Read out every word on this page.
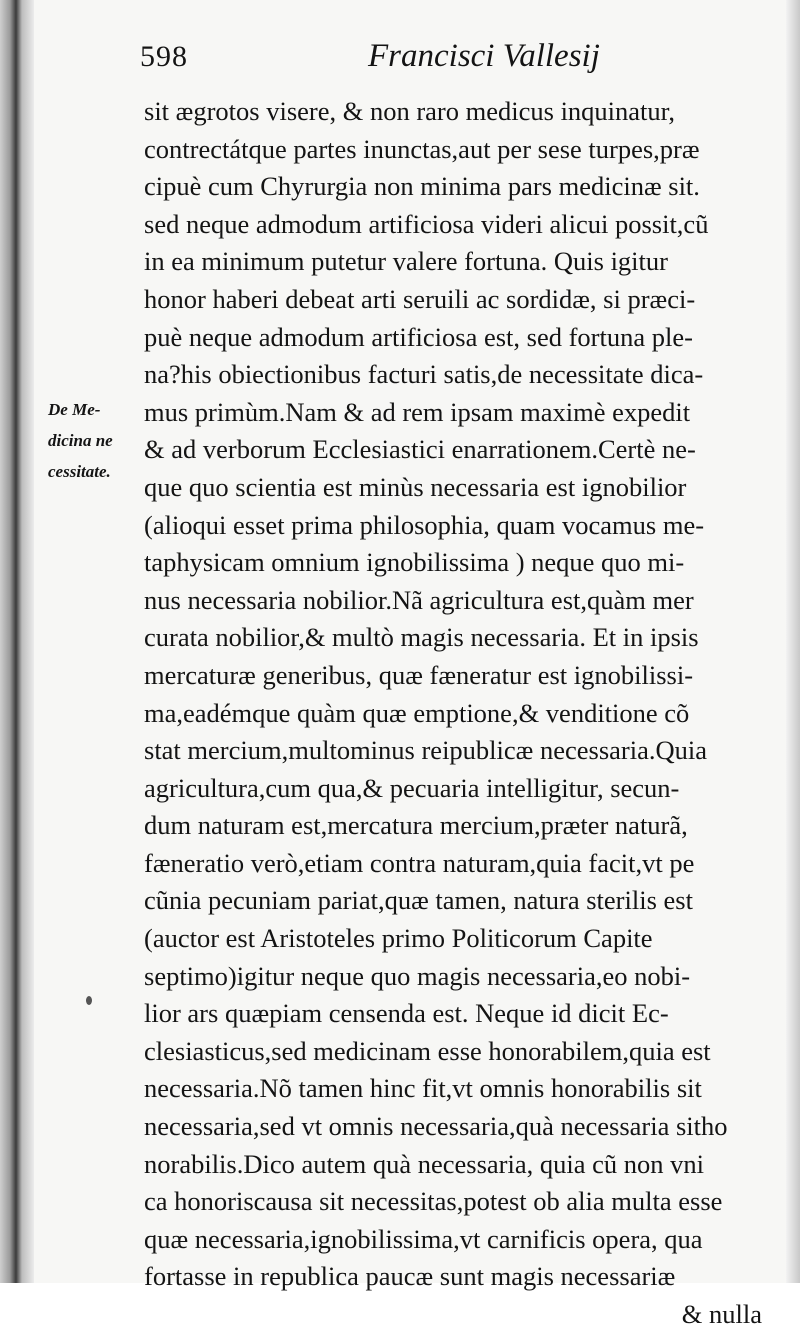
598	Francisci Vallesij
De Me-
dicina ne
cessitate.
sit ægrotos visere, & non raro medicus inquinatur,
contrectátque partes inunctas,aut per sese turpes,præ
cipuè cum Chyrurgia non minima pars medicinæ sit.
sed neque admodum artificiosa videri alicui possit,cũ
in ea minimum putetur valere fortuna. Quis igitur
honor haberi debeat arti seruili ac sordidæ, si præci-
puè neque admodum artificiosa est, sed fortuna ple-
na?his obiectionibus facturi satis,de necessitate dica-
mus primùm.Nam & ad rem ipsam maximè expedit
& ad verborum Ecclesiastici enarrationem.Certè ne-
que quo scientia est minùs necessaria est ignobilior
(alioqui esset prima philosophia, quam vocamus me-
taphysicam omnium ignobilissima ) neque quo mi-
nus necessaria nobilior.Nã agricultura est,quàm mer
curata nobilior,& multò magis necessaria. Et in ipsis
mercaturæ generibus, quæ fæneratur est ignobilissi-
ma,eadémque quàm quæ emptione,& venditione cõ
stat mercium,multominus reipublicæ necessaria.Quia
agricultura,cum qua,& pecuaria intelligitur, secun-
dum naturam est,mercatura mercium,præter naturã,
fæneratio verò,etiam contra naturam,quia facit,vt pe
cũnia pecuniam pariat,quæ tamen, natura sterilis est
(auctor est Aristoteles primo Politicorum Capite
septimo)igitur neque quo magis necessaria,eo nobi-
lior ars quæpiam censenda est. Neque id dicit Ec-
clesiasticus,sed medicinam esse honorabilem,quia est
necessaria.Nõ tamen hinc fit,vt omnis honorabilis sit
necessaria,sed vt omnis necessaria,quà necessaria sitho
norabilis.Dico autem quà necessaria, quia cũ non vni
ca honoriscausa sit necessitas,potest ob alia multa esse
quæ necessaria,ignobilissima,vt carnificis opera, qua
fortasse in republica paucæ sunt magis necessariæ
& nulla
